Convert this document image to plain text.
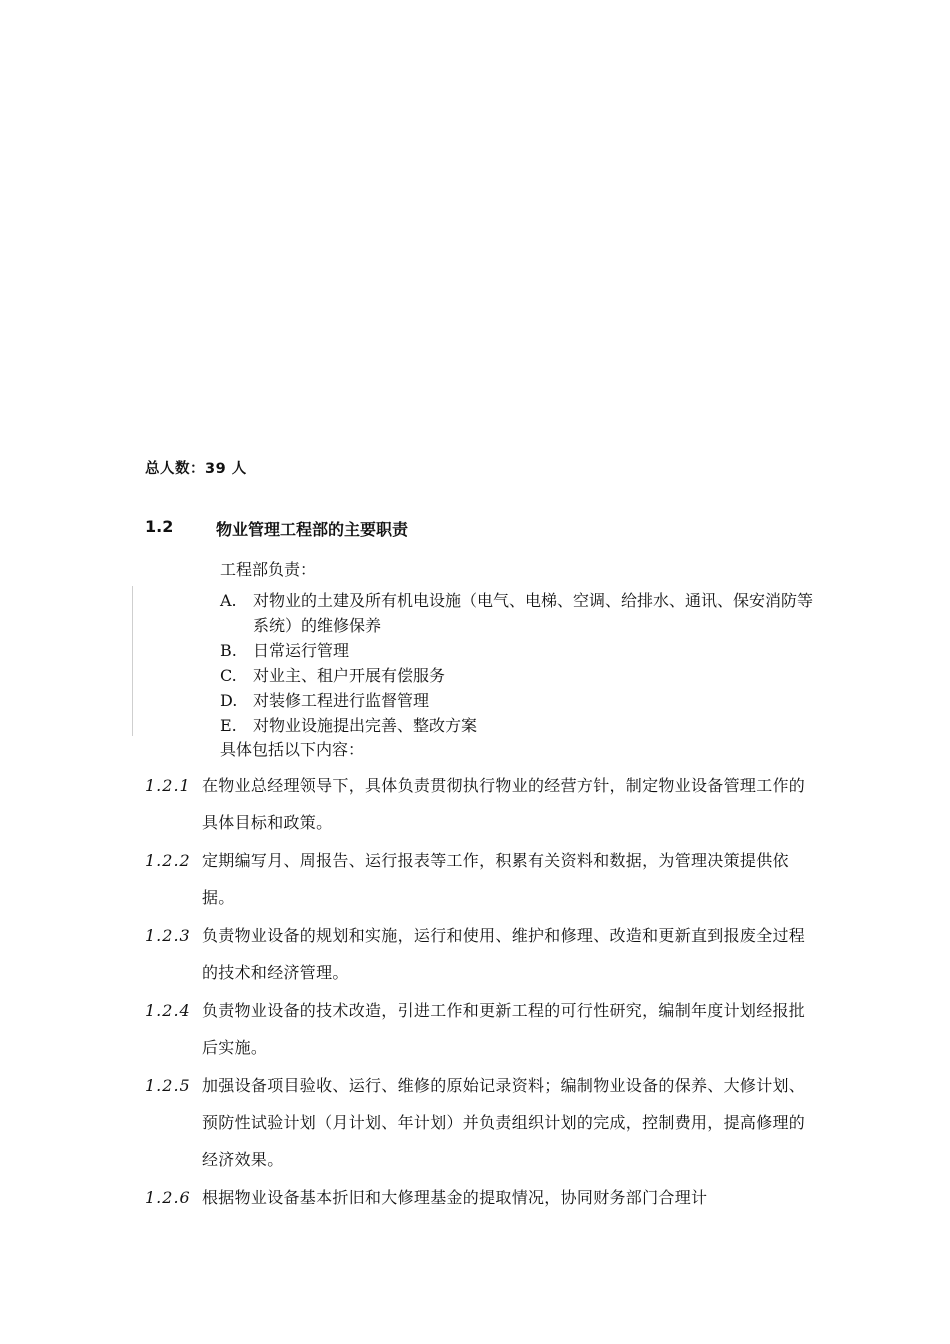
总人数：39 人
1.2	物业管理工程部的主要职责
工程部负责：
A.	对物业的土建及所有机电设施（电气、电梯、空调、给排水、通讯、保安消防等系统）的维修保养
B.	日常运行管理
C.	对业主、租户开展有偿服务
D. 对装修工程进行监督管理
E.	对物业设施提出完善、整改方案
具体包括以下内容：
1.2.1 在物业总经理领导下，具体负责贯彻执行物业的经营方针，制定物业设备管理工作的具体目标和政策。
1.2.2 定期编写月、周报告、运行报表等工作，积累有关资料和数据，为管理决策提供依据。
1.2.3 负责物业设备的规划和实施，运行和使用、维护和修理、改造和更新直到报废全过程的技术和经济管理。
1.2.4 负责物业设备的技术改造，引进工作和更新工程的可行性研究，编制年度计划经报批后实施。
1.2.5 加强设备项目验收、运行、维修的原始记录资料；编制物业设备的保养、大修计划、预防性试验计划（月计划、年计划）并负责组织计划的完成，控制费用，提高修理的经济效果。
1.2.6 根据物业设备基本折旧和大修理基金的提取情况，协同财务部门合理计
